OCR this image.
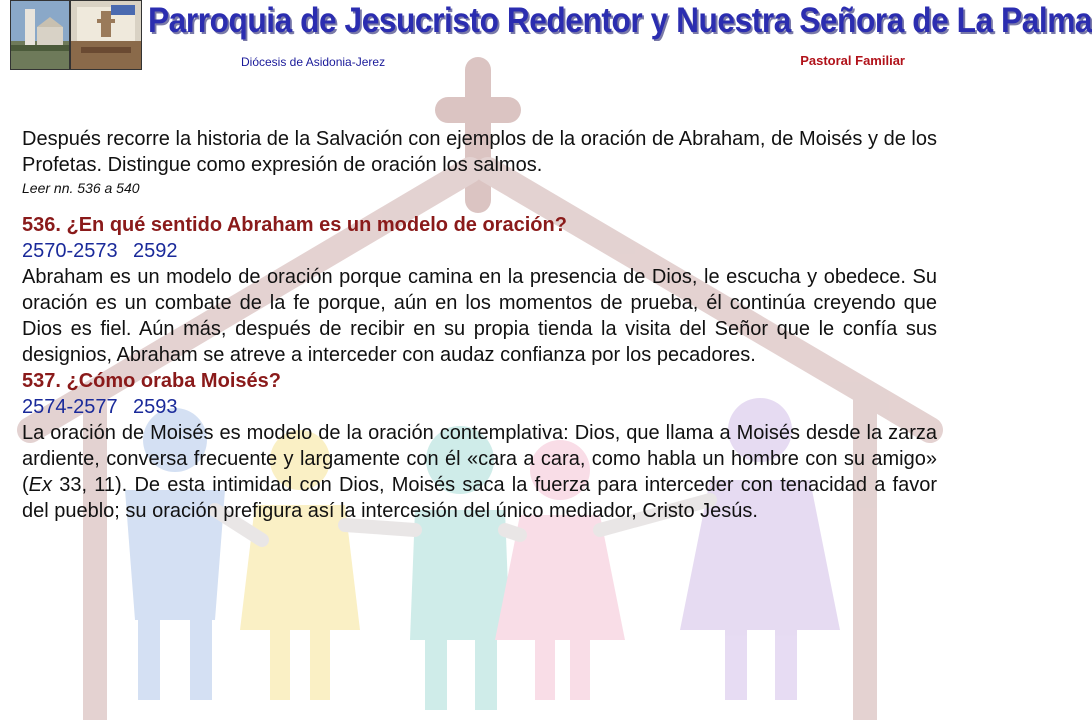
Parroquia de Jesucristo Redentor y Nuestra Señora de La Palma
Diócesis de Asidonia-Jerez	Pastoral Familiar

Después recorre la historia de la Salvación con ejemplos de la oración de Abraham, de Moisés y de los Profetas. Distingue como expresión de oración los salmos.

Leer nn. 536 a 540

536. ¿En qué sentido Abraham es un modelo de oración?

2570-2573 2592

Abraham es un modelo de oración porque camina en la presencia de Dios, le escucha y obedece. Su oración es un combate de la fe porque, aún en los momentos de prueba, él continúa creyendo que Dios es fiel. Aún más, después de recibir en su propia tienda la visita del Señor que le confía sus designios, Abraham se atreve a interceder con audaz confianza por los pecadores.

537. ¿Cómo oraba Moisés?

2574-2577 2593

La oración de Moisés es modelo de la oración contemplativa: Dios, que llama a Moisés desde la zarza ardiente, conversa frecuente y largamente con él «cara a cara, como habla un hombre con su amigo» (Ex 33, 11). De esta intimidad con Dios, Moisés saca la fuerza para interceder con tenacidad a favor del pueblo; su oración prefigura así la intercesión del único mediador, Cristo Jesús.
